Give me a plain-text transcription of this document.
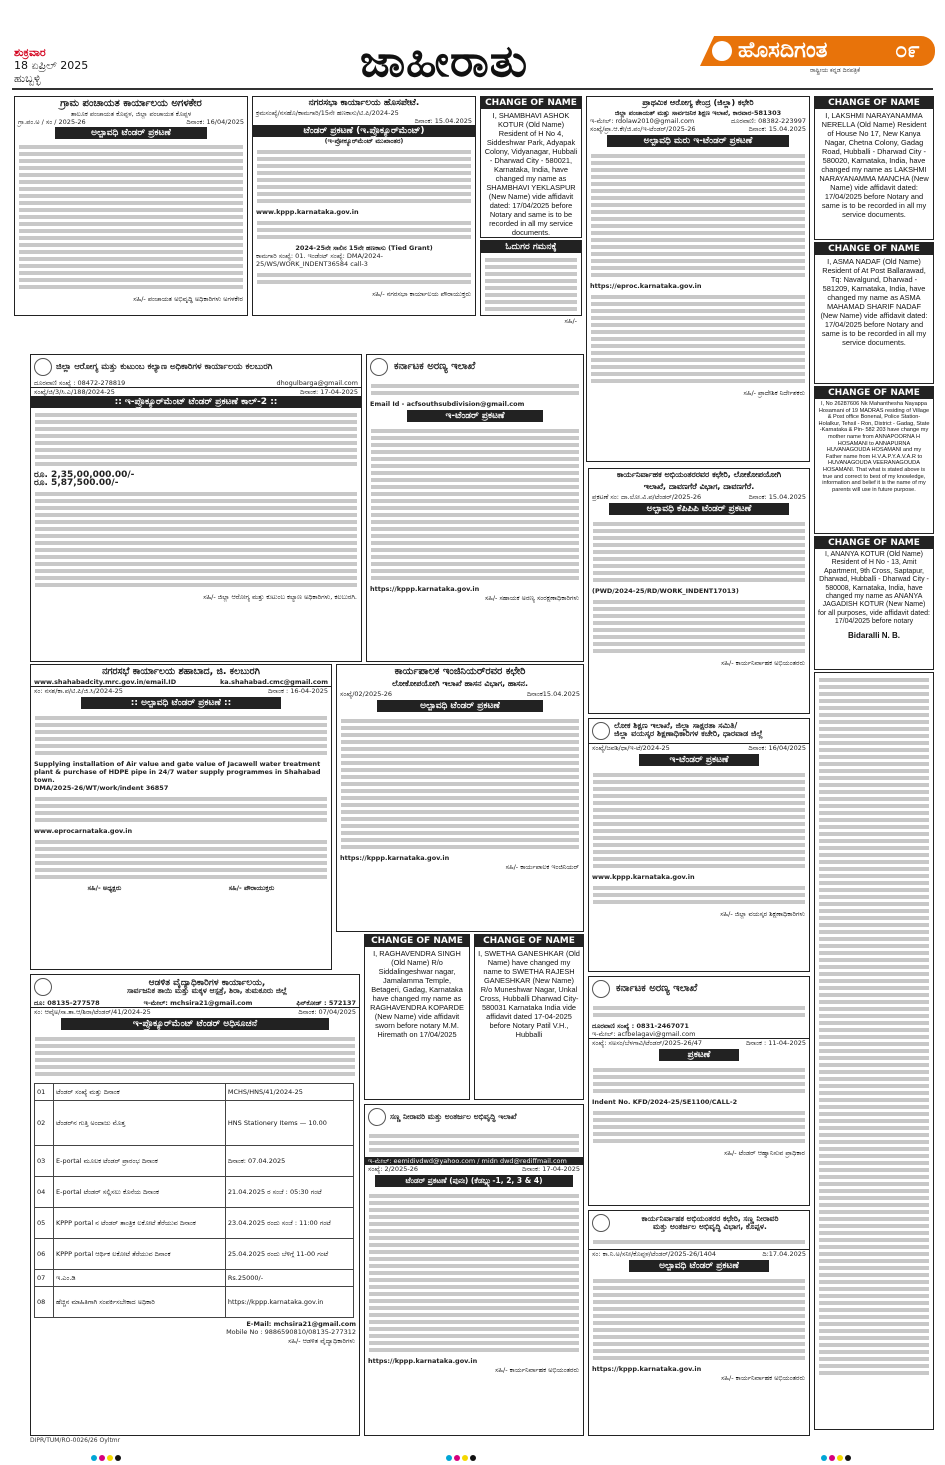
ಶುಕ್ರವಾರ
18 ಏಪ್ರಿಲ್ 2025
ಹುಬ್ಬಳ್ಳಿ	ಜಾಹೀರಾತು	ಹೊಸದಿಗಂತ	೦೯
ರಾಷ್ಟ್ರೀಯ ಕನ್ನಡ ದಿನಪತ್ರಿಕೆ
ಗ್ರಾಮ ಪಂಚಾಯತ ಕಾರ್ಯಾಲಯ ಅಗಳಕೇರ
ತಾಲೂಕ ಪಂಚಾಯತ ಕೊಪ್ಪಳ, ಜಿಲ್ಲಾ ಪಂಚಾಯತ ಕೊಪ್ಪಳ
ಗ್ರಾ.ಪಂ.ಅ / ಸಂ / 2025-26	ದಿನಾಂಕ: 16/04/2025
ಅಲ್ಪಾವಧಿ ಟೆಂಡರ್ ಪ್ರಕಟಣೆ
ಸಹಿ/- ಪಂಚಾಯತ ಅಭಿವೃದ್ಧಿ ಅಧಿಕಾರಿಗಳು ಅಗಳಕೇರ
ನಗರಸಭಾ ಕಾರ್ಯಾಲಯ ಹೊಸಪೇಟೆ.
ಕ್ರಮಸಂಖ್ಯೆ/ನಸಹೊ/ಕಾಮಗಾರಿ/15ನೇ ಹಣಕಾಸು/ಟಿ.ಪಿ/2024-25
ದಿನಾಂಕ: 15.04.2025
ಟೆಂಡರ್ ಪ್ರಕಟಣೆ (ಇ.ಪ್ರೊಕ್ಯೂರ್‌ಮೆಂಟ್)
(ಇ-ಪ್ರೋಕ್ಯೂರ್‌ಮೆಂಟ್ ಮುಖಾಂತರ)
www.kppp.karnataka.gov.in
2024-25ನೇ ಸಾಲಿನ 15ನೇ ಹಣಕಾಸು (Tied Grant)
ಕಾಮಗಾರಿ ಸಂಖ್ಯೆ: 01. ಇಂಡೆಂಟ್ ಸಂಖ್ಯೆ: DMA/2024-25/WS/WORK_INDENT36584 call-3
ಸಹಿ/- ನಗರಸಭಾ ಕಾರ್ಯಾಲಯ ಪೌರಾಯುಕ್ತರು
CHANGE OF NAME
I, SHAMBHAVI ASHOK KOTUR (Old Name) Resident of H No 4, Siddeshwar Park, Adyapak Colony, Vidyanagar, Hubbali - Dharwad City - 580021, Karnataka, India, have changed my name as SHAMBHAVI YEKLASPUR (New Name) vide affidavit dated: 17/04/2025 before Notary and same is to be recorded in all my service documents.
ಓದುಗರ ಗಮನಕ್ಕೆ
ಸಹಿ/-
ಪ್ರಾಥಮಿಕ ಆರೋಗ್ಯ ಕೇಂದ್ರ (ಜಿಲ್ಲಾ) ಕಛೇರಿ
ಜಿಲ್ಲಾ ಪಂಚಾಯತ್ ಮತ್ತು ಸಾರ್ವಜನಿಕ ಶಿಕ್ಷಣ ಇಲಾಖೆ, ಕಾರವಾರ-581303
ಇ-ಮೇಲ್: rdolaw2010@gmail.com	ದೂರವಾಣಿ: 08382-223997
ಸಂಖ್ಯೆ/ಪ್ರಾ.ಆ.ಕೇ/ಜಿ.ಪಂ/ಇ-ಟೆಂಡರ್/2025-26	ದಿನಾಂಕ: 15.04.2025
ಅಲ್ಪಾವಧಿ ಮರು ಇ-ಟೆಂಡರ್ ಪ್ರಕಟಣೆ
https://eproc.karnataka.gov.in
ಸಹಿ/- ಪ್ರಾದೇಶಿಕ ನಿರ್ದೇಶಕರು
CHANGE OF NAME
I, LAKSHMI NARAYANAMMA NERELLA (Old Name) Resident of House No 17, New Kanya Nagar, Chetna Colony, Gadag Road, Hubballi - Dharwad City - 580020, Karnataka, India, have changed my name as LAKSHMI NARAYANAMMA MANCHA (New Name) vide affidavit dated: 17/04/2025 before Notary and same is to be recorded in all my service documents.
CHANGE OF NAME
I, ASMA NADAF (Old Name) Resident of At Post Ballarawad, Tq: Navalgund, Dharwad - 581209, Karnataka, India, have changed my name as ASMA MAHAMAD SHARIF NADAF (New Name) vide affidavit dated: 17/04/2025 before Notary and same is to be recorded in all my service documents.
CHANGE OF NAME
I, No 26287606 Nk Mahanthesha Nayappa Hosamani of 19 MADRAS residing of Village & Post office Bonenal, Police Station-Holalkur, Tehsil - Ron, District - Gadag, State -Karnataka & Pin- 582 203 have change my mother name from ANNAPOORNA H HOSAMANI to ANNAPURNA HUVANAGOUDA HOSAMANI and my Father name from H.V.A.P.Y.A.V.A.R to HUVANAGOUDA VEERANAGOUDA HOSAMANI. That what is stated above is true and correct to best of my knowledge, information and belief it is the name of my parents will use in future purpose.
CHANGE OF NAME
I, ANANYA KOTUR (Old Name) Resident of H No - 13, Amit Apartment, 9th Cross, Saptapur, Dharwad, Hubballi - Dharwad City - 580008, Karnataka, India, have changed my name as ANANYA JAGADISH KOTUR (New Name) for all purposes, vide affidavit dated: 17/04/2025 before notary
Bidaralli N. B.
ಜಿಲ್ಲಾ ಆರೋಗ್ಯ ಮತ್ತು ಕುಟುಂಬ ಕಲ್ಯಾಣ ಅಧಿಕಾರಿಗಳ ಕಾರ್ಯಾಲಯ ಕಲಬುರಗಿ
ದೂರವಾಣಿ ಸಂಖ್ಯೆ : 08472-278819	dhogulbarga@gmail.com
ಸಂಖ್ಯೆ/ಜಿ/3/ಸಿ.ಎ/188/2024-25	ದಿನಾಂಕ: 17-04-2025
:: ಇ-ಪ್ರೊಕ್ಯೂರ್‌ಮೆಂಟ್ ಟೆಂಡರ್ ಪ್ರಕಟಣೆ ಕಾಲ್-2 ::
ರೂ. 2,35,00,000.00/-
ರೂ. 5,87,500.00/-
ಸಹಿ/- ಜಿಲ್ಲಾ ಆರೋಗ್ಯ ಮತ್ತು ಕುಟುಂಬ ಕಲ್ಯಾಣ ಅಧಿಕಾರಿಗಳು, ಕಲಬುರಗಿ.
ಕರ್ನಾಟಕ ಅರಣ್ಯ ಇಲಾಖೆ
Email Id - acfsouthsubdivision@gmail.com
ಇ-ಟೆಂಡರ್ ಪ್ರಕಟಣೆ
https://kppp.karnataka.gov.in
ಸಹಿ/- ಸಹಾಯಕ ಅರಣ್ಯ ಸಂರಕ್ಷಣಾಧಿಕಾರಿಗಳು
ಕಾರ್ಯನಿರ್ವಾಹಕ ಅಭಿಯಂತರರವರ ಕಛೇರಿ, ಲೋಕೋಪಯೋಗಿ
ಇಲಾಖೆ, ದಾವಣಗೆರೆ ವಿಭಾಗ, ದಾವಣಗೆರೆ.
ಪ್ರಕಟಣೆ ಸಂ: ದಾ.ಲೋ.ವಿ.ಪ/ಟೆಂಡರ್/2025-26	ದಿನಾಂಕ: 15.04.2025
ಅಲ್ಪಾವಧಿ ಕೆಪಿಪಿಪಿ ಟೆಂಡರ್ ಪ್ರಕಟಣೆ
(PWD/2024-25/RD/WORK_INDENT17013)
ಸಹಿ/- ಕಾರ್ಯನಿರ್ವಾಹಕ ಅಭಿಯಂತರರು
ನಗರಸಭೆ ಕಾರ್ಯಾಲಯ ಶಹಾಬಾದ, ಜಿ. ಕಲಬುರಗಿ
www.shahabadcity.mrc.gov.in/email.ID	ka.shahabad.cmc@gmail.com
ಸಂ: ನಸಶ/ಕಾ.ಪ/ಟಿ.ಪಿ/ಜಿ.ಸಿ/2024-25	ದಿನಾಂಕ : 16-04-2025
:: ಅಲ್ಪಾವಧಿ ಟೆಂಡರ್ ಪ್ರಕಟಣೆ ::
Supplying installation of Air value and gate value of Jacawell water treatment plant & purchase of HDPE pipe in 24/7 water supply programmes in Shahabad town.
DMA/2025-26/WT/work/indent 36857
www.eprocarnataka.gov.in
ಸಹಿ/- ಅಧ್ಯಕ್ಷರು	ಸಹಿ/- ಪೌರಾಯುಕ್ತರು
ಕಾರ್ಯಪಾಲಕ ಇಂಜಿನಿಯರ್‌ರವರ ಕಛೇರಿ
ಲೋಕೋಪಯೋಗಿ ಇಲಾಖೆ ಹಾಸನ ವಿಭಾಗ, ಹಾಸನ.
ಸಂಖ್ಯೆ/02/2025-26	ದಿನಾಂಕ15.04.2025
ಅಲ್ಪಾವಧಿ ಟೆಂಡರ್ ಪ್ರಕಟಣೆ
https://kppp.karnataka.gov.in
ಸಹಿ/- ಕಾರ್ಯಪಾಲಕ ಇಂಜಿನಿಯರ್
ಲೋಕ ಶಿಕ್ಷಣ ಇಲಾಖೆ, ಜಿಲ್ಲಾ ಸಾಕ್ಷರತಾ ಸಮಿತಿ/
ಜಿಲ್ಲಾ ವಯಸ್ಕರ ಶಿಕ್ಷಣಾಧಿಕಾರಿಗಳ ಕಚೇರಿ, ಧಾರವಾಡ ಜಿಲ್ಲೆ
ಸಂಖ್ಯೆ/ಜವಶಿ/ಧಾ/ಇ-ಟೆ/2024-25	ದಿನಾಂಕ: 16/04/2025
ಇ-ಟೆಂಡರ್ ಪ್ರಕಟಣೆ
www.kppp.karnataka.gov.in
ಸಹಿ/- ಜಿಲ್ಲಾ ವಯಸ್ಕರ ಶಿಕ್ಷಣಾಧಿಕಾರಿಗಳು
ಆಡಳಿತ ವೈದ್ಯಾಧಿಕಾರಿಗಳ ಕಾರ್ಯಾಲಯ,
ಸಾರ್ವಜನಿಕ ತಾಯಿ ಮತ್ತು ಮಕ್ಕಳ ಆಸ್ಪತ್ರೆ, ಶಿರಾ, ತುಮಕೂರು ಜಿಲ್ಲೆ
ದೂ: 08135-277578	ಇ-ಮೇಲ್: mchsira21@gmail.com	ಫಿನ್‌ಕೋಡ್ : 572137
ಸಂ: ಆವೈಅ/ಸಾ.ತಾ.ಆ/ಶಿರಾ/ಟೆಂಡರ್/41/2024-25	ದಿನಾಂಕ: 07/04/2025
ಇ-ಪ್ರೊಕ್ಯೂರ್‌ಮೆಂಟ್ ಟೆಂಡರ್ ಅಧಿಸೂಚನೆ
01	ಟೆಂಡರ್ ಸಂಖ್ಯೆ ಮತ್ತು ದಿನಾಂಕ	MCHS/HNS/41/2024-25
02	ಟೆಂಡರ್‌ನ ಗುತ್ತಿ ಅಂದಾಜು ಮೊತ್ತ	HNS Stationery Items — 10.00
03	E-portal ಮೂಲಕ ಟೆಂಡರ್ ಪ್ರಾರಂಭ ದಿನಾಂಕ	ದಿನಾಂಕ: 07.04.2025
04	E-portal ಟೆಂಡರ್ ಸಲ್ಲಿಸಲು ಕೊನೆಯ ದಿನಾಂಕ	21.04.2025 ರ ಸಂಜೆ : 05:30 ಗಂಟೆ
05	KPPP portal ನ ಟೆಂಡರ್ ತಾಂತ್ರಿಕ ಲಕೋಟೆ ತೆರೆಯುವ ದಿನಾಂಕ	23.04.2025 ರಂದು ಸಂಜೆ : 11:00 ಗಂಟೆ
06	KPPP portal ಆರ್ಥಿಕ ಲಕೋಟೆ ತೆರೆಯುವ ದಿನಾಂಕ	25.04.2025 ರಂದು ಬೆಳಿಗ್ಗೆ 11-00 ಗಂಟೆ
07	ಇ.ಎಂ.ಡಿ	Rs.25000/-
08	ಹೆಚ್ಚಿನ ಮಾಹಿತಿಗಾಗಿ ಸಂಪರ್ಕಿಸಬೇಕಾದ ಅಧಿಕಾರಿ	https://kppp.karnataka.gov.in
E-Mail: mchsira21@gmail.com
Mobile No : 9886590810/08135-277312
ಸಹಿ/- ಆಡಳಿತ ವೈದ್ಯಾಧಿಕಾರಿಗಳು
CHANGE OF NAME
I, RAGHAVENDRA SINGH (Old Name) R/o Siddalingeshwar nagar, Jamalamma Temple, Betageri, Gadag, Karnataka have changed my name as RAGHAVENDRA KOPARDE (New Name) vide affidavit sworn before notary M.M. Hiremath on 17/04/2025
CHANGE OF NAME
I, SWETHA GANESHKAR (Old Name) have changed my name to SWETHA RAJESH GANESHKAR (New Name) R/o Muneshwar Nagar, Unkal Cross, Hubballi Dharwad City-580031 Karnataka India vide affidavit dated 17-04-2025 before Notary Patil V.H., Hubballi
ಸಣ್ಣ ನೀರಾವರಿ ಮತ್ತು ಅಂತರ್ಜಲ ಅಭಿವೃದ್ಧಿ ಇಲಾಖೆ
ಇ-ಮೇಲ್: eemidivdwd@yahoo.com / midn dwd@rediffmail.com
ಸಂಖ್ಯೆ: 2/2025-26	ದಿನಾಂಕ: 17-04-2025
ಟೆಂಡರ್ ಪ್ರಕಟಣೆ (ಪುನಃ) (ಕೆಡಬ್ಲ್ಯು-1, 2, 3 & 4)
https://kppp.karnataka.gov.in
ಸಹಿ/- ಕಾರ್ಯನಿರ್ವಾಹಕ ಅಭಿಯಂತರರು
ಕರ್ನಾಟಕ ಅರಣ್ಯ ಇಲಾಖೆ
ದೂರವಾಣಿ ಸಂಖ್ಯೆ : 0831-2467071
ಇ-ಮೇಲ್: acfbelagavi@gmail.com
ಸಂಖ್ಯೆ: ಸಅಸಂ/ಬೆಳಗಾವಿ/ಟೆಂಡರ್/2025-26/47	ದಿನಾಂಕ : 11-04-2025
ಪ್ರಕಟಣೆ
Indent No. KFD/2024-25/SE1100/CALL-2
ಸಹಿ/- ಟೆಂಡರ್ ಆಹ್ವಾನಿಸುವ ಪ್ರಾಧಿಕಾರ
ಕಾರ್ಯನಿರ್ವಾಹಕ ಅಭಿಯಂತರರ ಕಛೇರಿ, ಸಣ್ಣ ನೀರಾವರಿ
ಮತ್ತು ಅಂತರ್ಜಲ ಅಭಿವೃದ್ಧಿ ವಿಭಾಗ, ಕೊಪ್ಪಳ.
ಸಂ: ಕಾ.ನಿ.ಅ/ಸನೀ/ಕೊಪ್ಪಳ/ಟೆಂಡರ್/2025-26/1404	ದಿ:17.04.2025
ಅಲ್ಪಾವಧಿ ಟೆಂಡರ್ ಪ್ರಕಟಣೆ
https://kppp.karnataka.gov.in
ಸಹಿ/- ಕಾರ್ಯನಿರ್ವಾಹಕ ಅಭಿಯಂತರರು
DIPR/TUM/RO-0026/26 Oyltmr
